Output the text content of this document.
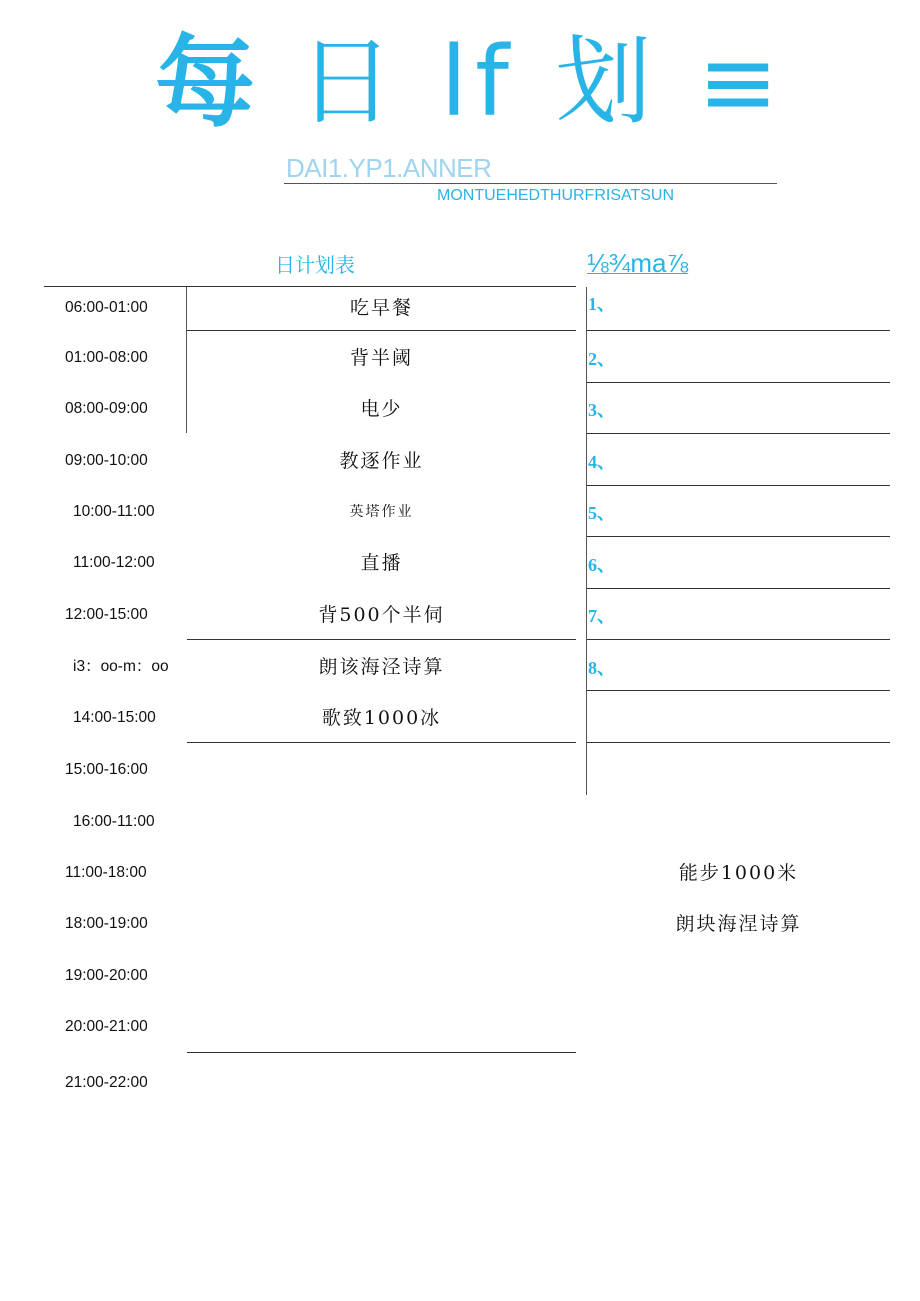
每 日 lf 划 ≡
DAI1.YP1.ANNER
MONTUEHEDTHURFRISATSUN
日计划表	⅛¾ma⅞
06:00-01:00
01:00-08:00
08:00-09:00
09:00-10:00
10:00-11:00
11:00-12:00
12:00-15:00
i3：oo-m：oo
14:00-15:00
15:00-16:00
16:00-11:00
11:00-18:00
18:00-19:00
19:00-20:00
20:00-21:00
21:00-22:00
吃早餐
背半阈
电少
教逐作业
英塔作业
直播
背500个半伺
朗该海泾诗算
歌致1000冰
1、
2、
3、
4、
5、
6、
7、
8、
能步1000米
朗块海涅诗算
